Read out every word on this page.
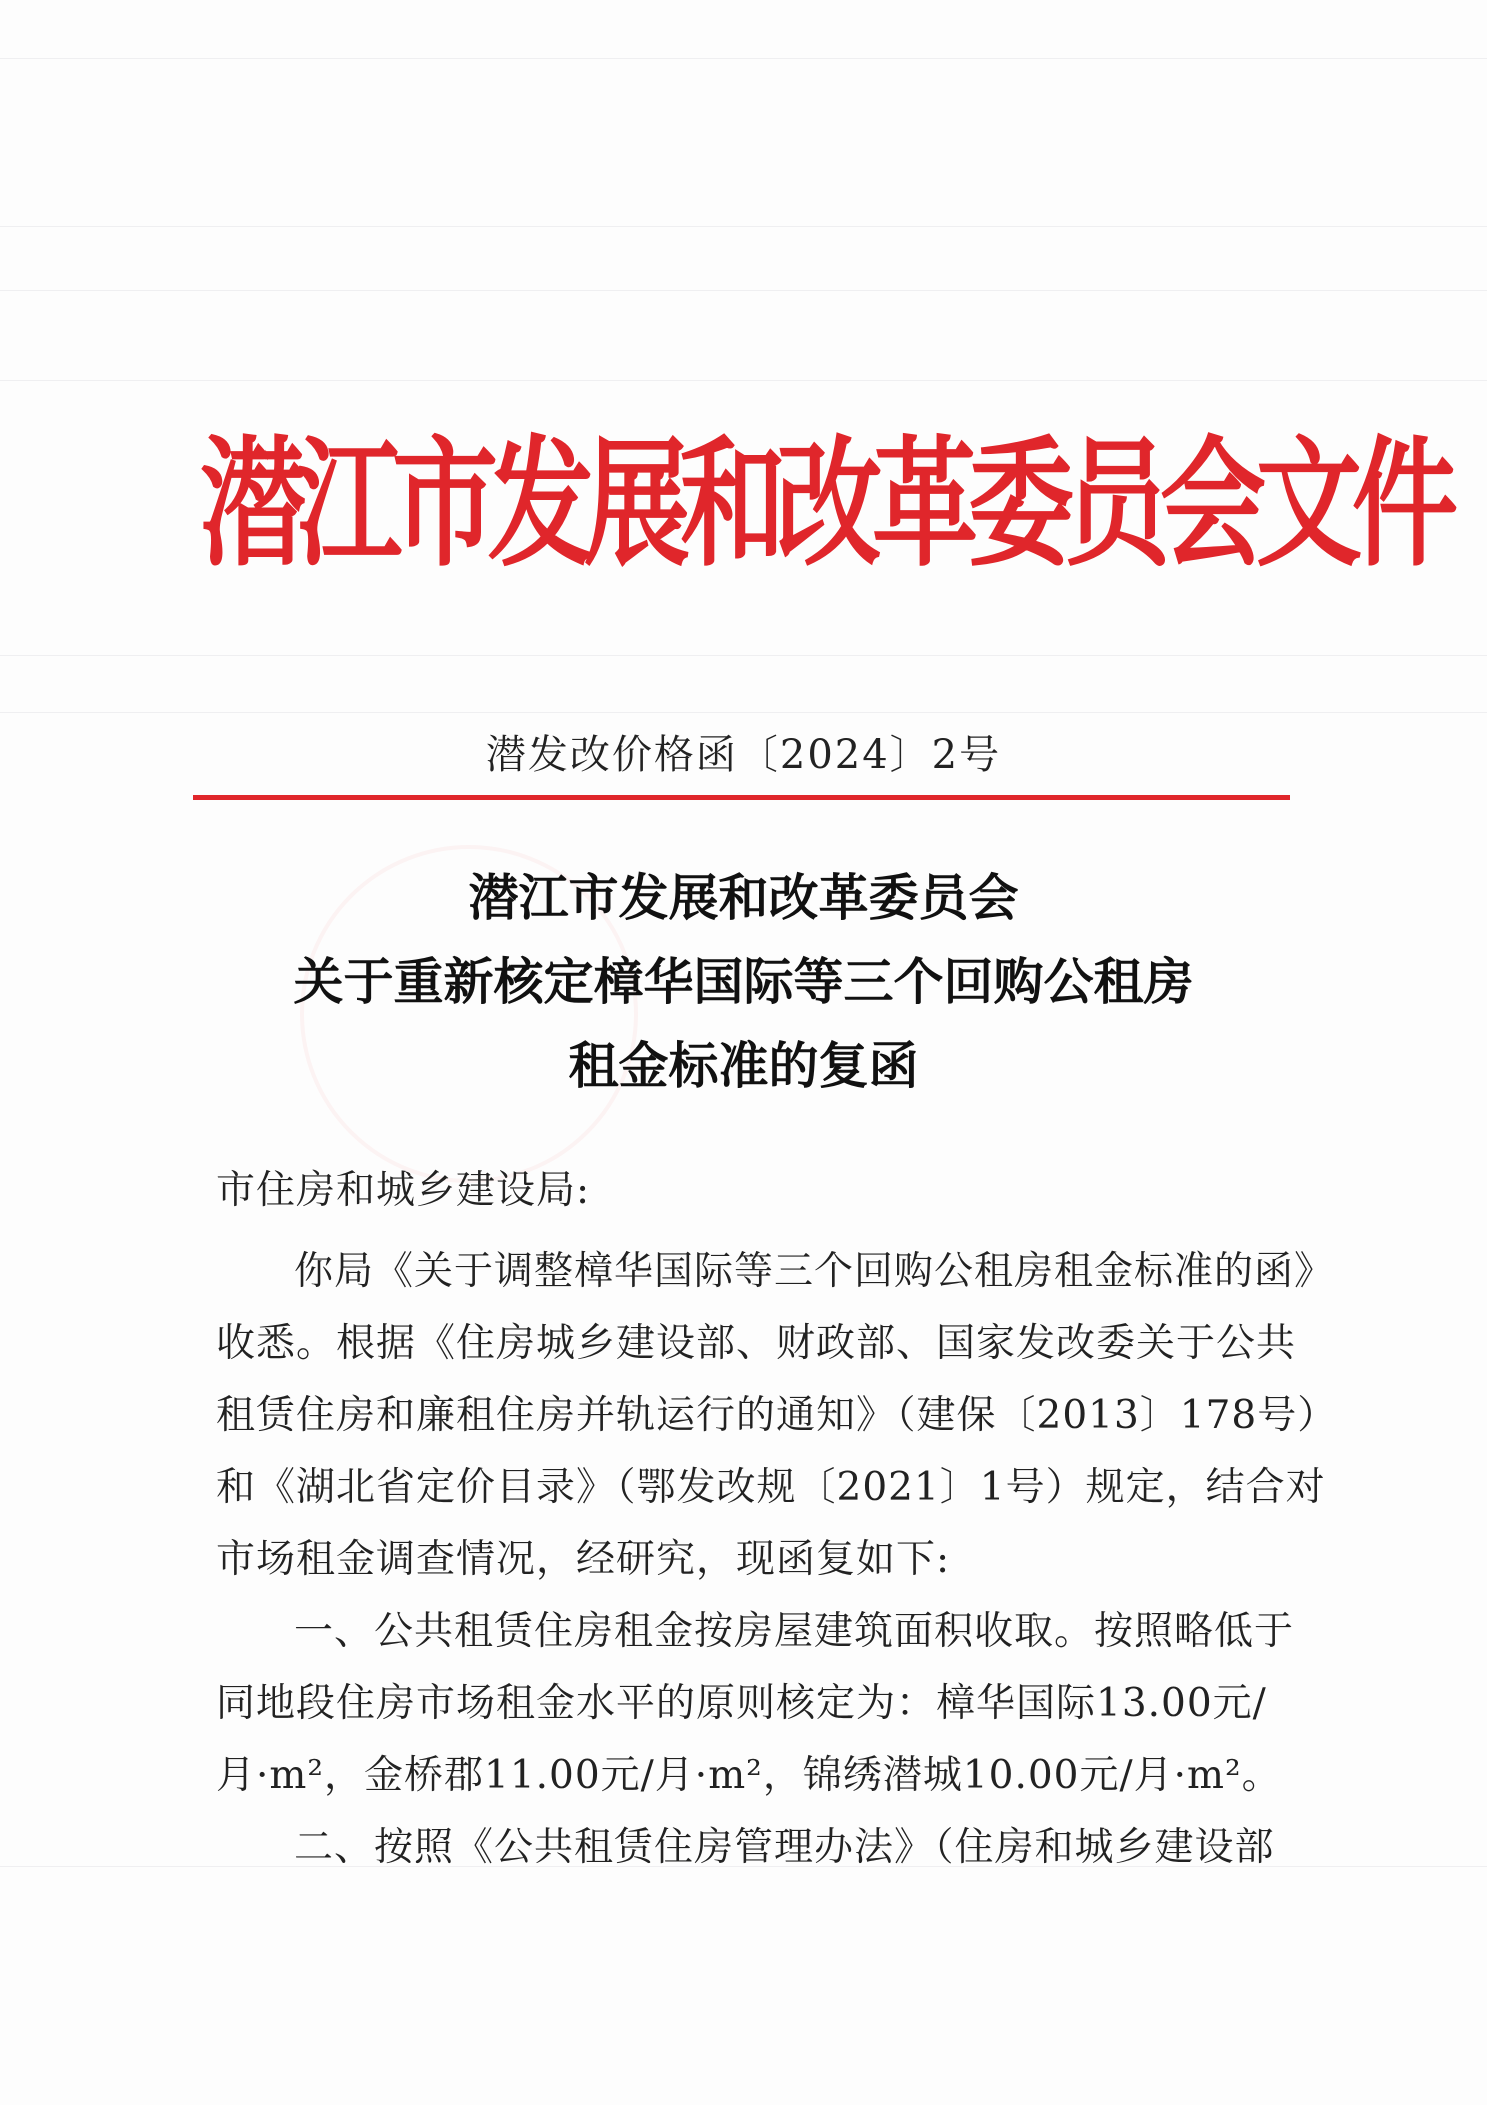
潜江市发展和改革委员会文件
潜发改价格函〔2024〕2号
潜江市发展和改革委员会
关于重新核定樟华国际等三个回购公租房
租金标准的复函
市住房和城乡建设局:
你局《关于调整樟华国际等三个回购公租房租金标准的函》
收悉。根据《住房城乡建设部、财政部、国家发改委关于公共
租赁住房和廉租住房并轨运行的通知》（建保〔2013〕178号）
和《湖北省定价目录》（鄂发改规〔2021〕1号）规定，结合对
市场租金调查情况，经研究，现函复如下:
一、公共租赁住房租金按房屋建筑面积收取。按照略低于
同地段住房市场租金水平的原则核定为：樟华国际13.00元/
月·m²，金桥郡11.00元/月·m²，锦绣潜城10.00元/月·m²。
二、按照《公共租赁住房管理办法》（住房和城乡建设部
